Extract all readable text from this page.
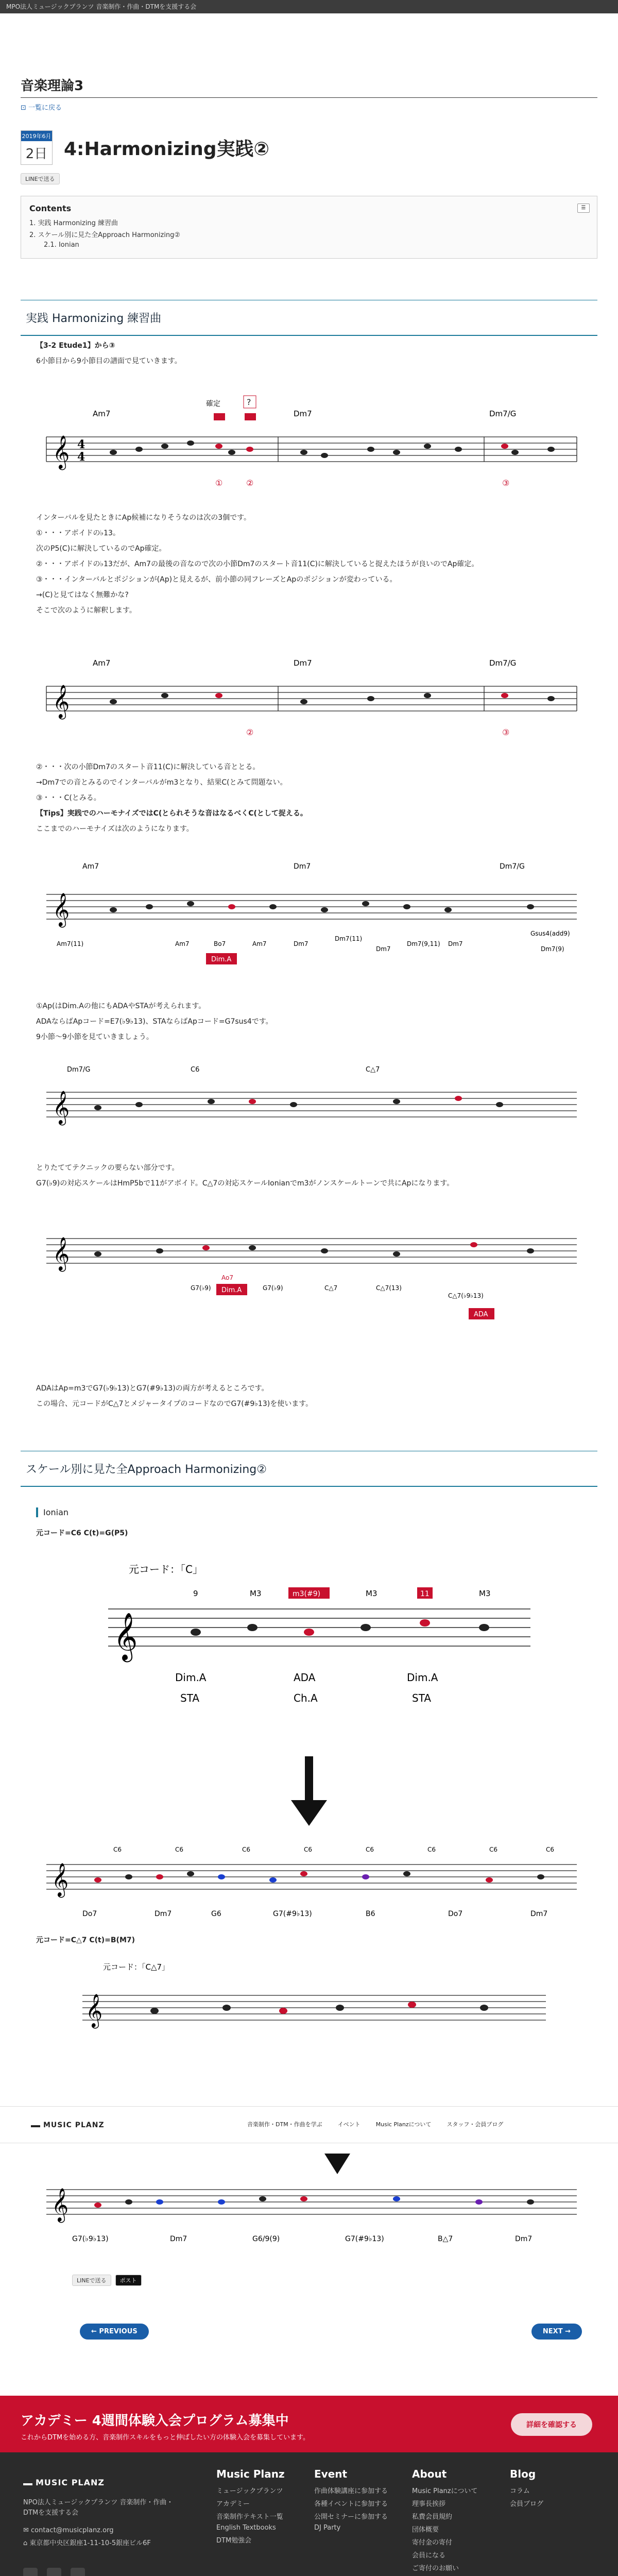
MPO法人ミュージックプランツ 音楽制作・作曲・DTMを支援する会
音楽理論3
⊡ 一覧に戻る
2019年6月
2日 4:Harmonizing実践②
LINEで送る
Contents	☰
1. 実践 Harmonizing 練習曲
2. スケール別に見た全Approach Harmonizing②
2.1. Ionian
実践 Harmonizing 練習曲
【3-2 Etude1】から③
6小節目から9小節目の譜面で見ていきます。
𝄞 4
4
Am7	Dm7	Dm7/G
確定	?
①	②	③
インターバルを見たときにAp候補になりそうなのは次の3個です。
①・・・アボイドの♭13。
次のP5(C)に解決しているのでAp確定。
②・・・アボイドの♭13だが、Am7の最後の音なので次の小節Dm7のスタート音11(C)に解決していると捉えたほうが良いのでAp確定。
③・・・インターバルとポジションが(Ap)と見えるが、前小節の同フレーズとApのポジションが変わっている。
→(C)と見てはなく無難かな?
そこで次のように解釈します。
𝄞
Am7	Dm7	Dm7/G
②	③
②・・・次の小節Dm7のスタート音11(C)に解決している音ととる。
→Dm7での音とみるのでインターバルがm3となり、結果C(とみて問題ない。
③・・・C(とみる。
【Tips】実践でのハーモナイズではC(とられそうな音はなるべくC(として捉える。
ここまでのハーモナイズは次のようになります。
𝄞
Am7	Dm7	Dm7/G
Am7(11)	Am7	Bo7	Am7	Dm7
Dm7(11)
Dm7
Dm7(9,11) Dm7
Gsus4(add9)
Dm7(9)
Dim.A
①Ap(はDim.Aの他にもADAやSTAが考えられます。
ADAならばApコード=E7(♭9♭13)、STAならばApコード=G7sus4です。
9小節〜9小節を見ていきましょう。
𝄞
Dm7/G	C6	C△7
とりたててテクニックの要らない部分です。
G7(♭9)の対応スケールはHmP5bで11がアボイド。C△7の対応スケールIonianでm3がノンスケールトーンで共にApになります。
𝄞
G7(♭9)
Ao7
G7(♭9)	C△7	C△7(13)
C△7(♭9♭13)
Dim.A
ADA
ADAはAp=m3でG7(♭9♭13)とG7(#9♭13)の両方が考えるところです。
この場合、元コードがC△7とメジャータイプのコードなのでG7(#9♭13)を使います。
スケール別に見た全Approach Harmonizing②
Ionian
元コード=C6 C(t)=G(P5)
元コード：「C」
𝄞
9	M3	m3(#9)	M3	11	M3
Dim.A	ADA	Dim.A
STA	Ch.A	STA
𝄞
C6	C6	C6	C6	C6	C6	C6	C6
Do7	Dm7	G6	G7(#9♭13)	B6	Do7	Dm7
元コード=C△7 C(t)=B(M7)
元コード：「C△7」
𝄞
MUSIC PLANZ	音楽制作・DTM・作曲を学ぶ	イベント	Music Planzについて	スタッフ・会員ブログ
𝄞
G7(♭9♭13)	Dm7	G6/9(9)	G7(#9♭13)	B△7	Dm7
LINEで送る	ポスト
← PREVIOUS	NEXT →
アカデミー 4週間体験入会プログラム募集中
これからDTMを始める方、音楽制作スキルをもっと伸ばしたい方の体験入会を募集しています。
詳細を確認する
MUSIC PLANZ
NPO法人ミュージックプランツ 音楽制作・作曲・DTMを支援する会
✉ contact@musicplanz.org
⌂ 東京都中央区銀座1-11-10-5銀座ビル6F
Music Planz
ミュージックプランツ
アカデミー
音楽制作テキスト一覧
English Textbooks
DTM勉強会
Event
作曲体験講座に参加する
各種イベントに参加する
公開セミナーに参加する
DJ Party
About
Music Planzについて
理事長挨拶
私費会員規約
団体概要
寄付金の寄付
会員になる
ご寄付のお願い
Blog
コラム
会員ブログ
